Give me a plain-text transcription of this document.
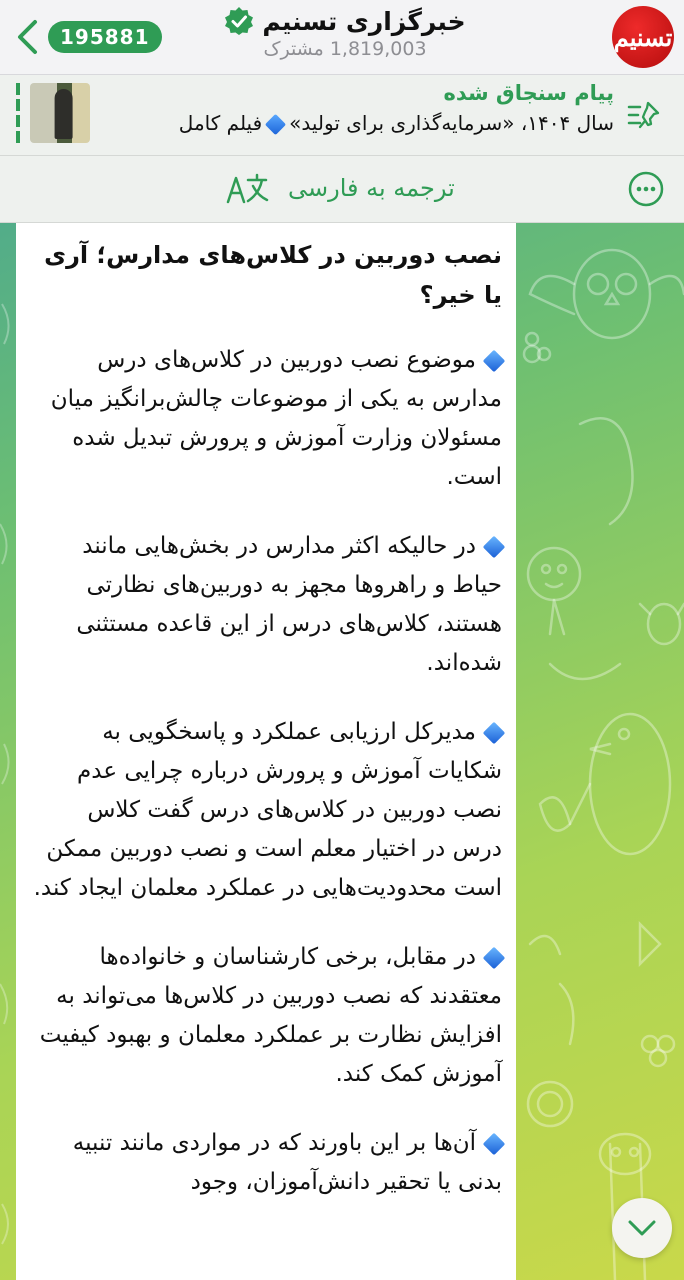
195881
خبرگزاری تسنیم
1,819,003 مشترک	تسنیم
پیام سنجاق شده
سال ۱۴۰۴، «سرمایه‌گذاری برای تولید»فیلم کامل
ترجمه به فارسی
نصب دوربین در کلاس‌های مدارس؛ آری یا خیر؟
موضوع نصب دوربین در کلاس‌های درس مدارس به یکی از موضوعات چالش‌برانگیز میان مسئولان وزارت آموزش و پرورش تبدیل شده است.
در حالیکه اکثر مدارس در بخش‌هایی مانند حیاط و راهروها مجهز به دوربین‌های نظارتی هستند، کلاس‌های درس از این قاعده مستثنی شده‌اند.
مدیرکل ارزیابی عملکرد و پاسخگویی به شکایات آموزش و پرورش درباره چرایی عدم نصب دوربین در کلاس‌های درس گفت کلاس درس در اختیار معلم است و نصب دوربین ممکن است محدودیت‌هایی در عملکرد معلمان ایجاد کند.
در مقابل، برخی کارشناسان و خانواده‌ها معتقدند که نصب دوربین در کلاس‌ها می‌تواند به افزایش نظارت بر عملکرد معلمان و بهبود کیفیت آموزش کمک کند.
آن‌ها بر این باورند که در مواردی مانند تنبیه بدنی یا تحقیر دانش‌آموزان، وجود
